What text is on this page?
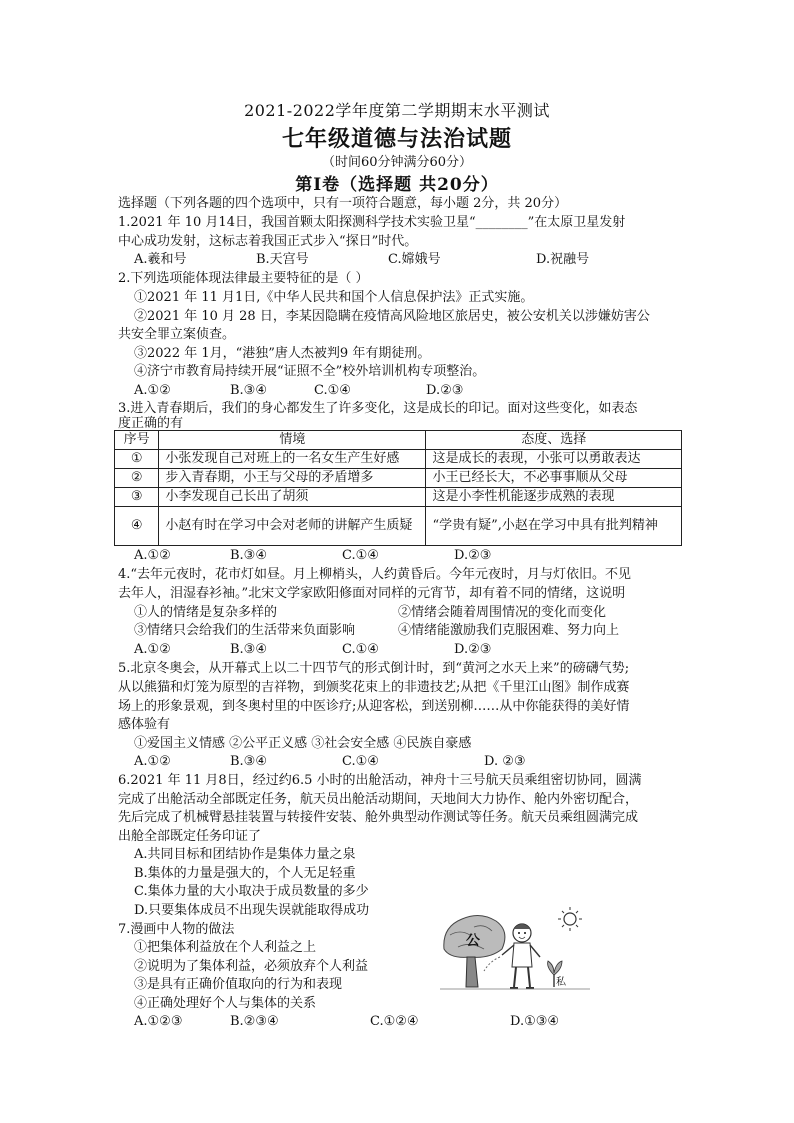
2021-2022学年度第二学期期末水平测试
七年级道德与法治试题
（时间60分钟满分60分）
第Ⅰ卷（选择题 共20分）
选择题（下列各题的四个选项中，只有一项符合题意，每小题 2分，共 20分）
1.2021 年 10 月14日，我国首颗太阳探测科学技术实验卫星“________”在太原卫星发射
中心成功发射，这标志着我国正式步入“探日”时代。
A.羲和号	B.天宫号	C.嫦娥号	D.祝融号
2.下列选项能体现法律最主要特征的是（ ）
①2021 年 11 月1日,《中华人民共和国个人信息保护法》正式实施。
②2021 年 10 月 28 日，李某因隐瞒在疫情高风险地区旅居史，被公安机关以涉嫌妨害公
共安全罪立案侦查。
③2022 年 1月，“港独”唐人杰被判9 年有期徒刑。
④济宁市教育局持续开展“证照不全”校外培训机构专项整治。
A.①②	B.③④	C.①④	D.②③
3.进入青春期后，我们的身心都发生了许多变化，这是成长的印记。面对这些变化，如表态
度正确的有
序号	情境	态度、选择
①	小张发现自己对班上的一名女生产生好感	这是成长的表现，小张可以勇敢表达
②	步入青春期，小王与父母的矛盾增多	小王已经长大，不必事事顺从父母
③	小李发现自己长出了胡须	这是小李性机能逐步成熟的表现
④	小赵有时在学习中会对老师的讲解产生质疑	“学贵有疑”,小赵在学习中具有批判精神
A.①②	B.③④	C.①④	D.②③
4.“去年元夜时，花市灯如昼。月上柳梢头，人约黄昏后。今年元夜时，月与灯依旧。不见
去年人，泪湿春衫袖。”北宋文学家欧阳修面对同样的元宵节，却有着不同的情绪，这说明
①人的情绪是复杂多样的	②情绪会随着周围情况的变化而变化
③情绪只会给我们的生活带来负面影响	④情绪能激励我们克服困难、努力向上
A.①②	B.③④	C.①④	D.②③
5.北京冬奥会，从开幕式上以二十四节气的形式倒计时，到“黄河之水天上来”的磅礴气势;
从以熊猫和灯笼为原型的吉祥物，到颁奖花束上的非遗技艺;从把《千里江山图》制作成赛
场上的形象景观，到冬奥村里的中医诊疗;从迎客松，到送别柳……从中你能获得的美好情
感体验有
①爱国主义情感 ②公平正义感 ③社会安全感 ④民族自豪感
A.①②	B.③④	C.①④	D. ②③
6.2021 年 11 月8日，经过约6.5 小时的出舱活动，神舟十三号航天员乘组密切协同，圆满
完成了出舱活动全部既定任务，航天员出舱活动期间，天地间大力协作、舱内外密切配合，
先后完成了机械臂悬挂装置与转接件安装、舱外典型动作测试等任务。航天员乘组圆满完成
出舱全部既定任务印证了
A.共同目标和团结协作是集体力量之泉
B.集体的力量是强大的，个人无足轻重
C.集体力量的大小取决于成员数量的多少
D.只要集体成员不出现失误就能取得成功
7.漫画中人物的做法
①把集体利益放在个人利益之上
②说明为了集体利益，必须放弃个人利益
③是具有正确价值取向的行为和表现
④正确处理好个人与集体的关系
A.①②③	B.②③④	C.①②④	D.①③④
公
私
